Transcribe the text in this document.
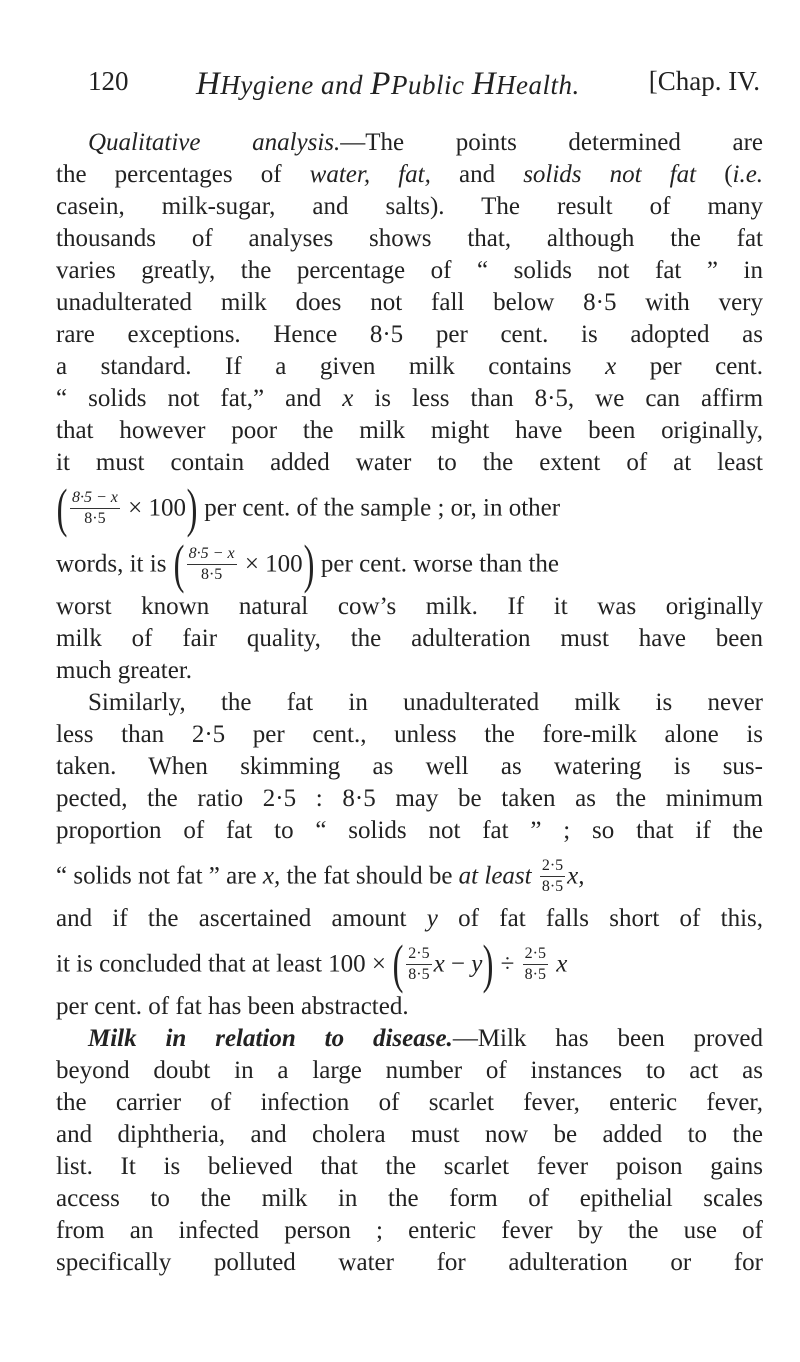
120 HHygiene and PPublic HHealth.	[Chap. IV.
Qualitative analysis.—The points determined are
the percentages of water, fat, and solids not fat (i.e.
casein, milk-sugar, and salts). The result of many
thousands of analyses shows that, although the fat
varies greatly, the percentage of “ solids not fat ” in
unadulterated milk does not fall below 8·5 with very
rare exceptions. Hence 8·5 per cent. is adopted as
a standard. If a given milk contains x per cent.
“ solids not fat,” and x is less than 8·5, we can affirm
that however poor the milk might have been originally,
it must contain added water to the extent of at least
( $\frac{8\cdot 5 - x}{8\cdot 5} \times 100$) per cent. of the sample ; or, in other
words, it is ( $\frac{8\cdot 5 - x}{8\cdot 5} \times 100$) per cent. worse than the
worst known natural cow’s milk. If it was originally
milk of fair quality, the adulteration must have been
much greater.
Similarly, the fat in unadulterated milk is never
less than 2·5 per cent., unless the fore-milk alone is
taken. When skimming as well as watering is sus-
pected, the ratio 2·5 : 8·5 may be taken as the minimum
proportion of fat to “ solids not fat ” ; so that if the
“ solids not fat ” are x, the fat should be at least $\frac{2\cdot 5}{8\cdot 5} x$,
and if the ascertained amount y of fat falls short of this,
it is concluded that at least 100 × ( $\frac{2\cdot 5}{8\cdot 5}$ $x - y) \div \frac{2\cdot 5}{8\cdot 5}$ x
per cent. of fat has been abstracted.
Milk in relation to disease.—Milk has been proved
beyond doubt in a large number of instances to act as
the carrier of infection of scarlet fever, enteric fever,
and diphtheria, and cholera must now be added to the
list. It is believed that the scarlet fever poison gains
access to the milk in the form of epithelial scales
from an infected person ; enteric fever by the use of
specifically polluted water for adulteration or for
